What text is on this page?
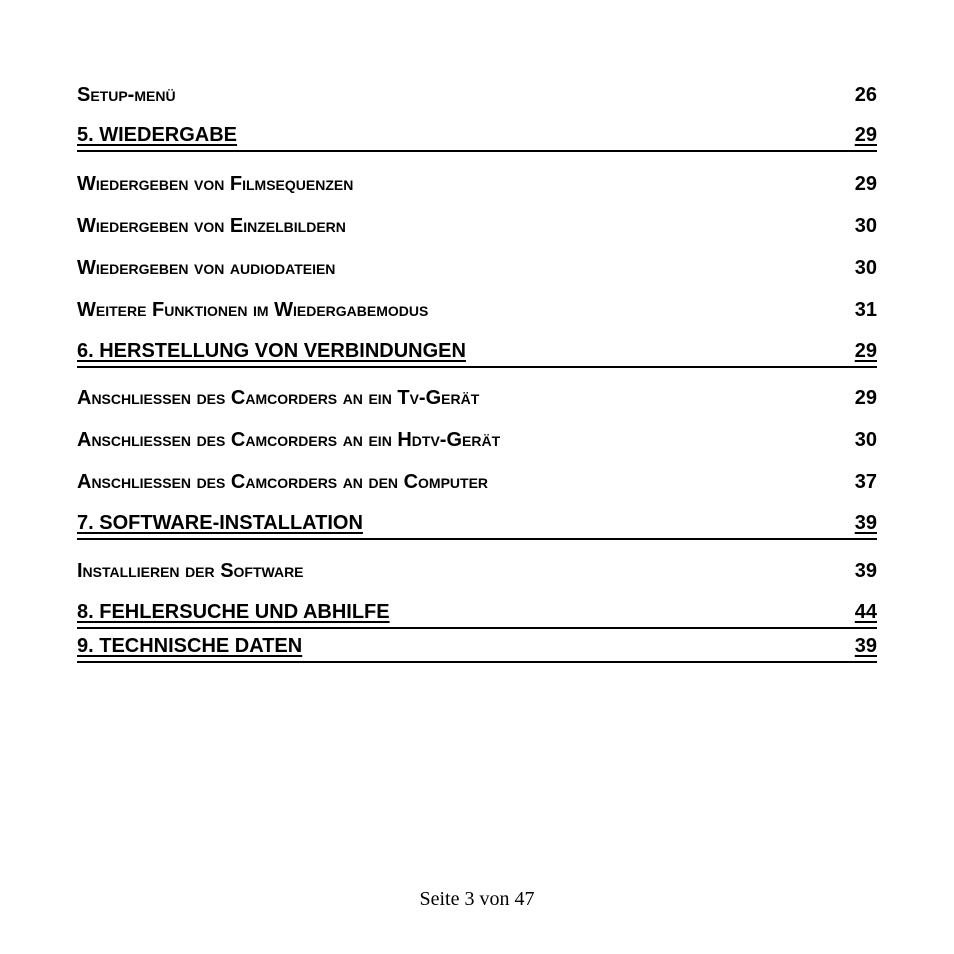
Setup-menü	26
5. WIEDERGABE	29
Wiedergeben von Filmsequenzen	29
Wiedergeben von Einzelbildern	30
Wiedergeben von audiodateien	30
Weitere Funktionen im Wiedergabemodus	31
6. HERSTELLUNG VON VERBINDUNGEN	29
Anschliessen des Camcorders an ein Tv-Gerät	29
Anschliessen des Camcorders an ein Hdtv-Gerät	30
Anschliessen des Camcorders an den Computer	37
7. SOFTWARE-INSTALLATION	39
Installieren der Software	39
8. FEHLERSUCHE UND ABHILFE	44
9. TECHNISCHE DATEN	39
Seite 3 von 47
